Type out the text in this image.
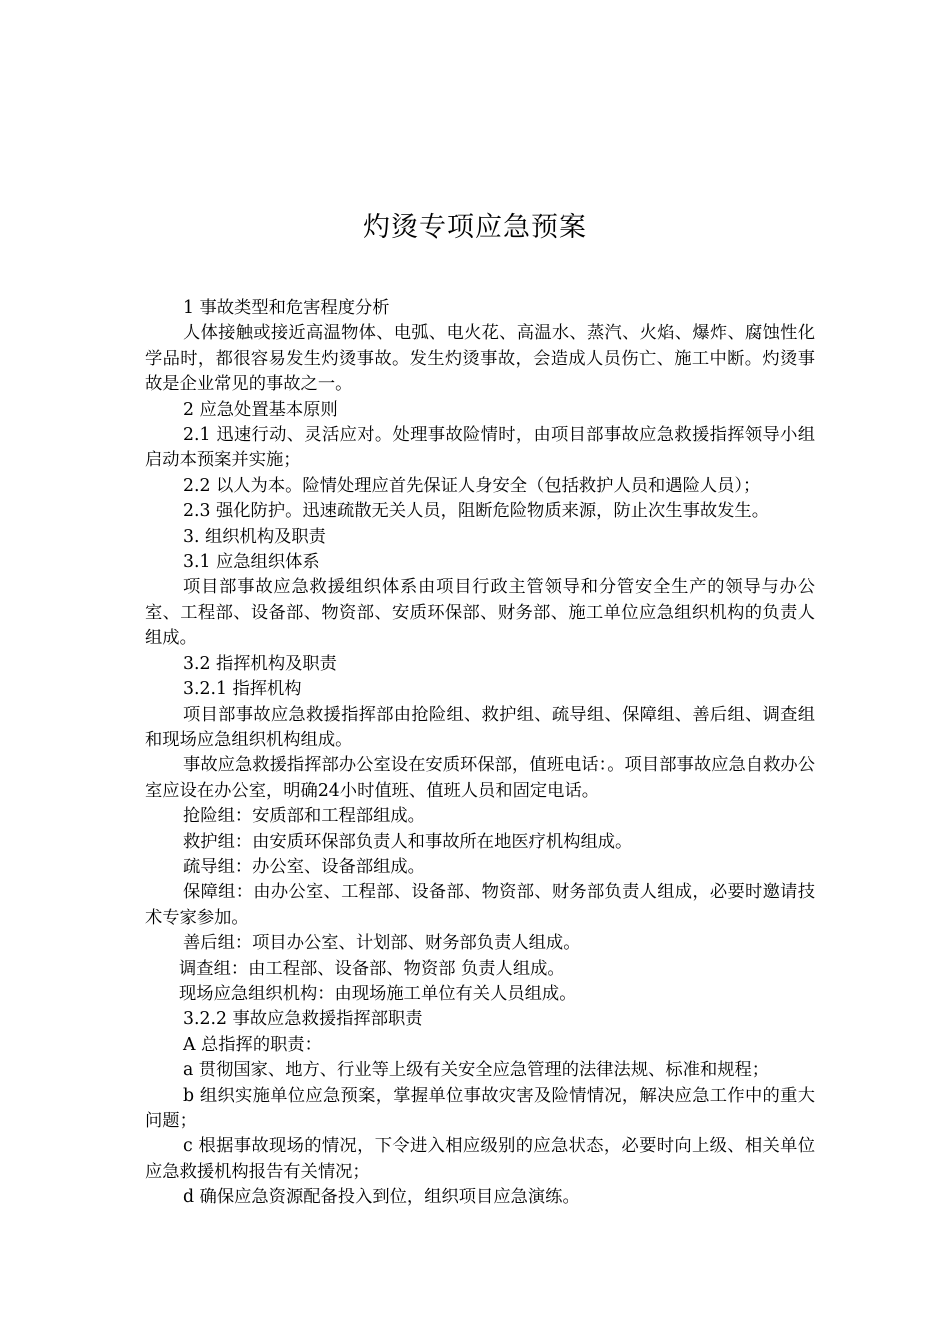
灼烫专项应急预案

1 事故类型和危害程度分析

人体接触或接近高温物体、电弧、电火花、高温水、蒸汽、火焰、爆炸、腐蚀性化学品时，都很容易发生灼烫事故。发生灼烫事故，会造成人员伤亡、施工中断。灼烫事故是企业常见的事故之一。

2 应急处置基本原则

2.1 迅速行动、灵活应对。处理事故险情时，由项目部事故应急救援指挥领导小组启动本预案并实施；

2.2 以人为本。险情处理应首先保证人身安全（包括救护人员和遇险人员）；

2.3 强化防护。迅速疏散无关人员，阻断危险物质来源，防止次生事故发生。

3. 组织机构及职责

3.1 应急组织体系

项目部事故应急救援组织体系由项目行政主管领导和分管安全生产的领导与办公室、工程部、设备部、物资部、安质环保部、财务部、施工单位应急组织机构的负责人组成。

3.2 指挥机构及职责

3.2.1 指挥机构

项目部事故应急救援指挥部由抢险组、救护组、疏导组、保障组、善后组、调查组和现场应急组织机构组成。

事故应急救援指挥部办公室设在安质环保部，值班电话：。项目部事故应急自救办公室应设在办公室，明确24小时值班、值班人员和固定电话。

抢险组：安质部和工程部组成。

救护组：由安质环保部负责人和事故所在地医疗机构组成。

疏导组：办公室、设备部组成。

保障组：由办公室、工程部、设备部、物资部、财务部负责人组成，必要时邀请技术专家参加。

善后组：项目办公室、计划部、财务部负责人组成。

调查组：由工程部、设备部、物资部 负责人组成。

现场应急组织机构：由现场施工单位有关人员组成。

3.2.2 事故应急救援指挥部职责

A 总指挥的职责：

a 贯彻国家、地方、行业等上级有关安全应急管理的法律法规、标准和规程；

b 组织实施单位应急预案，掌握单位事故灾害及险情情况，解决应急工作中的重大问题；

c 根据事故现场的情况，下令进入相应级别的应急状态，必要时向上级、相关单位应急救援机构报告有关情况；

d 确保应急资源配备投入到位，组织项目应急演练。
